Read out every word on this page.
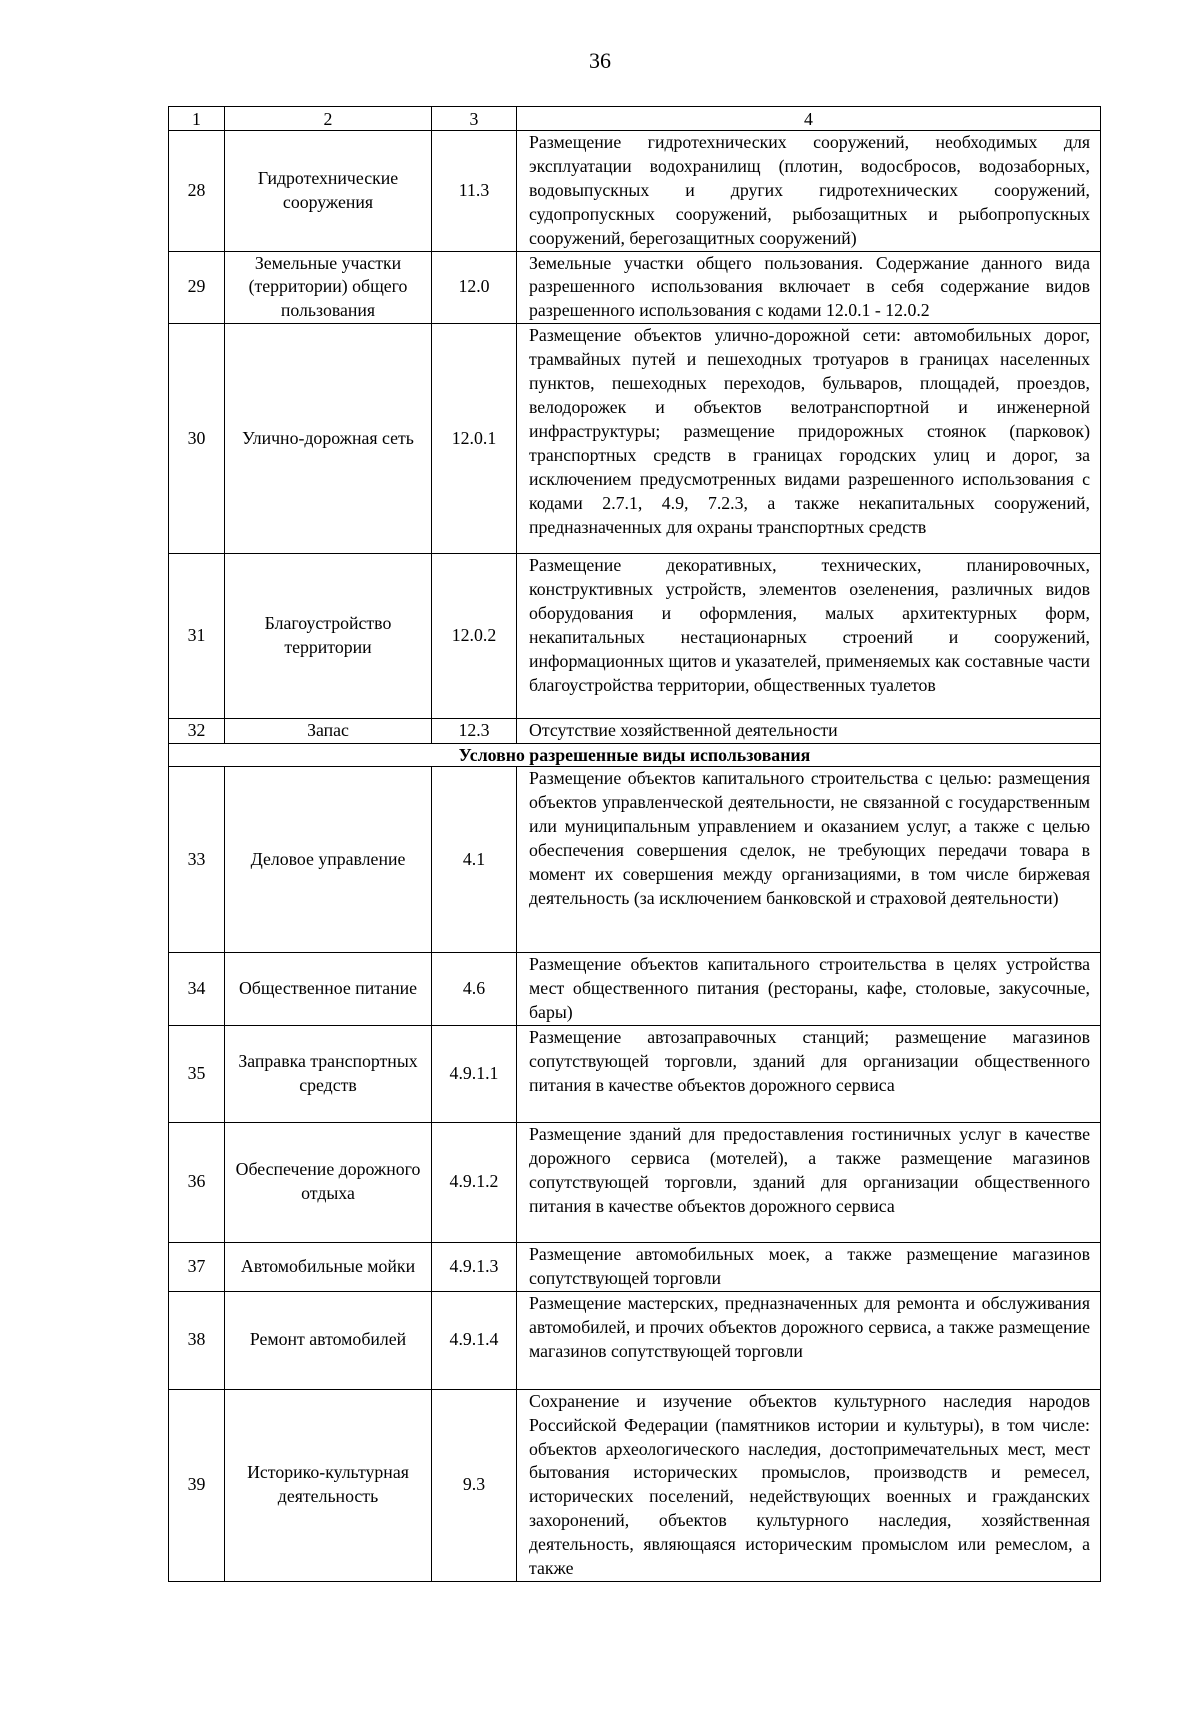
36
1	2	3	4
28	Гидротехнические сооружения	11.3	Размещение гидротехнических сооружений, необходимых для эксплуатации водохранилищ (плотин, водосбросов, водозаборных, водовыпускных и других гидротехнических сооружений, судопропускных сооружений, рыбозащитных и рыбопропускных сооружений, берегозащитных сооружений)
29	Земельные участки (территории) общего пользования	12.0	Земельные участки общего пользования. Содержание данного вида разрешенного использования включает в себя содержание видов разрешенного использования с кодами 12.0.1 - 12.0.2
30	Улично-дорожная сеть	12.0.1	Размещение объектов улично-дорожной сети: автомобильных дорог, трамвайных путей и пешеходных тротуаров в границах населенных пунктов, пешеходных переходов, бульваров, площадей, проездов, велодорожек и объектов велотранспортной и инженерной инфраструктуры; размещение придорожных стоянок (парковок) транспортных средств в границах городских улиц и дорог, за исключением предусмотренных видами разрешенного использования с кодами 2.7.1, 4.9, 7.2.3, а также некапитальных сооружений, предназначенных для охраны транспортных средств
31	Благоустройство территории	12.0.2	Размещение декоративных, технических, планировочных, конструктивных устройств, элементов озеленения, различных видов оборудования и оформления, малых архитектурных форм, некапитальных нестационарных строений и сооружений, информационных щитов и указателей, применяемых как составные части благоустройства территории, общественных туалетов
32	Запас	12.3	Отсутствие хозяйственной деятельности
Условно разрешенные виды использования			
33	Деловое управление	4.1	Размещение объектов капитального строительства с целью: размещения объектов управленческой деятельности, не связанной с государственным или муниципальным управлением и оказанием услуг, а также с целью обеспечения совершения сделок, не требующих передачи товара в момент их совершения между организациями, в том числе биржевая деятельность (за исключением банковской и страховой деятельности)
34	Общественное питание	4.6	Размещение объектов капитального строительства в целях устройства мест общественного питания (рестораны, кафе, столовые, закусочные, бары)
35	Заправка транспортных средств	4.9.1.1	Размещение автозаправочных станций; размещение магазинов сопутствующей торговли, зданий для организации общественного питания в качестве объектов дорожного сервиса
36	Обеспечение дорожного отдыха	4.9.1.2	Размещение зданий для предоставления гостиничных услуг в качестве дорожного сервиса (мотелей), а также размещение магазинов сопутствующей торговли, зданий для организации общественного питания в качестве объектов дорожного сервиса
37	Автомобильные мойки	4.9.1.3	Размещение автомобильных моек, а также размещение магазинов сопутствующей торговли
38	Ремонт автомобилей	4.9.1.4	Размещение мастерских, предназначенных для ремонта и обслуживания автомобилей, и прочих объектов дорожного сервиса, а также размещение магазинов сопутствующей торговли
39	Историко-культурная деятельность	9.3	Сохранение и изучение объектов культурного наследия народов Российской Федерации (памятников истории и культуры), в том числе: объектов археологического наследия, достопримечательных мест, мест бытования исторических промыслов, производств и ремесел, исторических поселений, недействующих военных и гражданских захоронений, объектов культурного наследия, хозяйственная деятельность, являющаяся историческим промыслом или ремеслом, а также
